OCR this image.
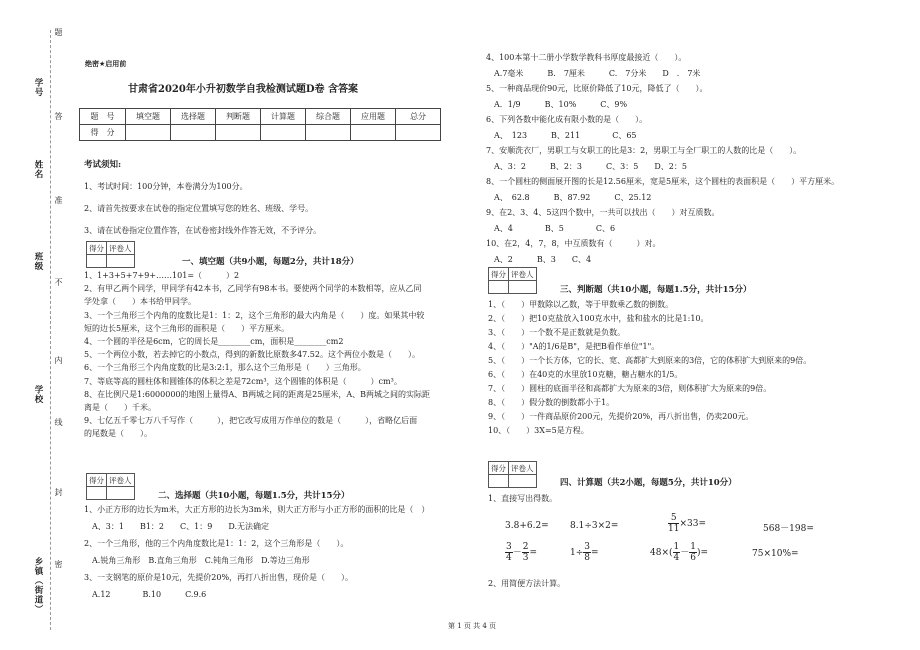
学号
姓名
班级
学校
乡镇（街道）
题
答
准
不
内
线
封
密
绝密★启用前
甘肃省2020年小升初数学自我检测试题D卷 含答案
题　号	填空题	选择题	判断题	计算题	综合题	应用题	总分
得　分							
考试须知:
1、考试时间：100分钟，本卷满分为100分。
2、请首先按要求在试卷的指定位置填写您的姓名、班级、学号。
3、请在试卷指定位置作答，在试卷密封线外作答无效，不予评分。
得分	评卷人

一、填空题（共9小题，每题2分，共计18分）
1、1+3+5+7+9+……101=（　　　）2
2、有甲乙两个同学，甲同学有42本书，乙同学有98本书。要使两个同学的本数相等，应从乙同
学处拿（　　）本书给甲同学。
3、一个三角形三个内角的度数比是1：1：2，这个三角形的最大内角是（　　）度。如果其中较
短的边长5厘米，这个三角形的面积是（　　）平方厘米。
4、一个圆的半径是6cm，它的周长是________cm，面积是________cm2
5、一个两位小数，若去掉它的小数点，得到的新数比原数多47.52。这个两位小数是（　　）。
6、一个三角形三个内角度数的比是3:2:1，那么这个三角形是（　　）三角形。
7、等底等高的圆柱体和圆锥体的体积之差是72cm³，这个圆锥的体积是（　　　）cm³。
8、在比例尺是1:6000000的地图上量得A、B两城之间的距离是25厘米，A、B两城之间的实际距
离是（　　）千米。
9、七亿五千零七万八千写作（　　　），把它改写成用万作单位的数是（　　　），省略亿后面
的尾数是（　　）。
得分	评卷人

二、选择题（共10小题，每题1.5分，共计15分）
1、小正方形的边长为m米，大正方形的边长为3m米，则大正方形与小正方形的面积的比是（　）
　A、3：1　　B1：2　　C、1：9　　D.无法确定
2、一个三角形，他的三个内角度数比是1：1：2，这个三角形是（　　）。
　A.锐角三角形　B.直角三角形　C.钝角三角形　D.等边三角形
3、一支钢笔的原价是10元，先提价20%，再打八折出售，现价是（　　）。
　A.12　　　　B.10　　　C.9.6
4、100本第十二册小学数学教科书厚度最接近（　　）。
　A.7毫米　　　B.　7厘米　　　C.　7分米　　D　.　7米
5、一种商品现价90元，比原价降低了10元，降低了（　　）。
　A．1/9　　　B、10%　　　C、9%
6、下列各数中能化成有限小数的是（　　）。
　A、　123　　　B、211　　　　C、65
7、安顺洗衣厂，男职工与女职工的比是3：2，男职工与全厂职工的人数的比是（　　）。
　A、3：2　　　B、2：3　　　C、3：5　　D、2：5
8、一个圆柱的侧面展开图的长是12.56厘米，宽是5厘米，这个圆柱的表面积是（　　）平方厘米。
　A、　62.8　　　B、87.92　　　C、25.12
9、在2、3、4、5这四个数中，一共可以找出（　　）对互质数。
　A、4　　　　B、5　　　　C、6
10、在2，4，7，8，中互质数有（　　　）对。
　A、2　　　B、3　　C、4
得分	评卷人

三、判断题（共10小题，每题1.5分，共计15分）
1、（　　）甲数除以乙数，等于甲数乘乙数的倒数。
2、（　　）把10克盐放入100克水中，盐和盐水的比是1:10。
3、（　　）一个数不是正数就是负数。
4、（　　）"A的1/6是B"，是把B看作单位"1"。
5、（　　）一个长方体，它的长、宽、高都扩大到原来的3倍，它的体积扩大到原来的9倍。
6、（　　）在40克的水里放10克糖，糖占糖水的1/5。
7、（　　）圆柱的底面半径和高都扩大为原来的3倍，则体积扩大为原来的9倍。
8、（　　）假分数的倒数都小于1。
9、（　　）一件商品原价200元，先提价20%，再八折出售，仍卖200元。
10、（　　）3X=5是方程。
得分	评卷人

四、计算题（共2小题，每题5分，共计10分）
1、直接写出得数。
3.8+6.2= 8.1÷3×2=	$\frac{5}{11} \times 33=$	568－198=
$\frac{3}{4} - \frac{2}{3}$ =	$1\div \frac{3}{8}$ =	$48\times( \frac{1}{4} - \frac{1}{6}$ )=	75×10%=
2、用简便方法计算。
第 1 页 共 4 页
